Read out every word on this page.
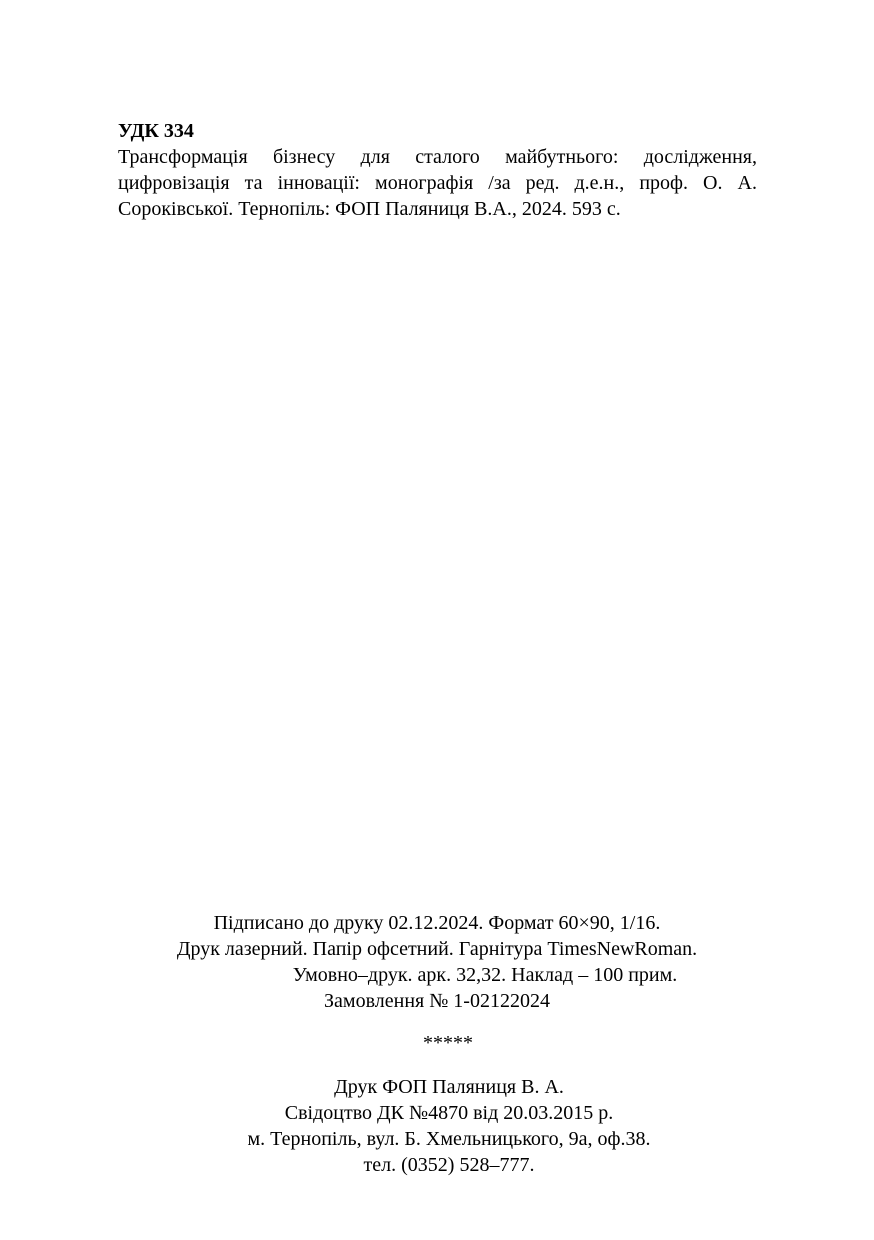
УДК 334

Трансформація бізнесу для сталого майбутнього: дослідження, цифровізація та інновації: монографія /за ред. д.е.н., проф. О. А. Сороківської. Тернопіль: ФОП Паляниця В.А., 2024. 593 с.

Підписано до друку 02.12.2024. Формат 60×90, 1/16.

Друк лазерний. Папір офсетний. Гарнітура TimesNewRoman.

Умовно–друк. арк. 32,32. Наклад – 100 прим.

Замовлення № 1-02122024

*****

Друк ФОП Паляниця В. А.

Свідоцтво ДК №4870 від 20.03.2015 р.

м. Тернопіль, вул. Б. Хмельницького, 9а, оф.38.

тел. (0352) 528–777.
